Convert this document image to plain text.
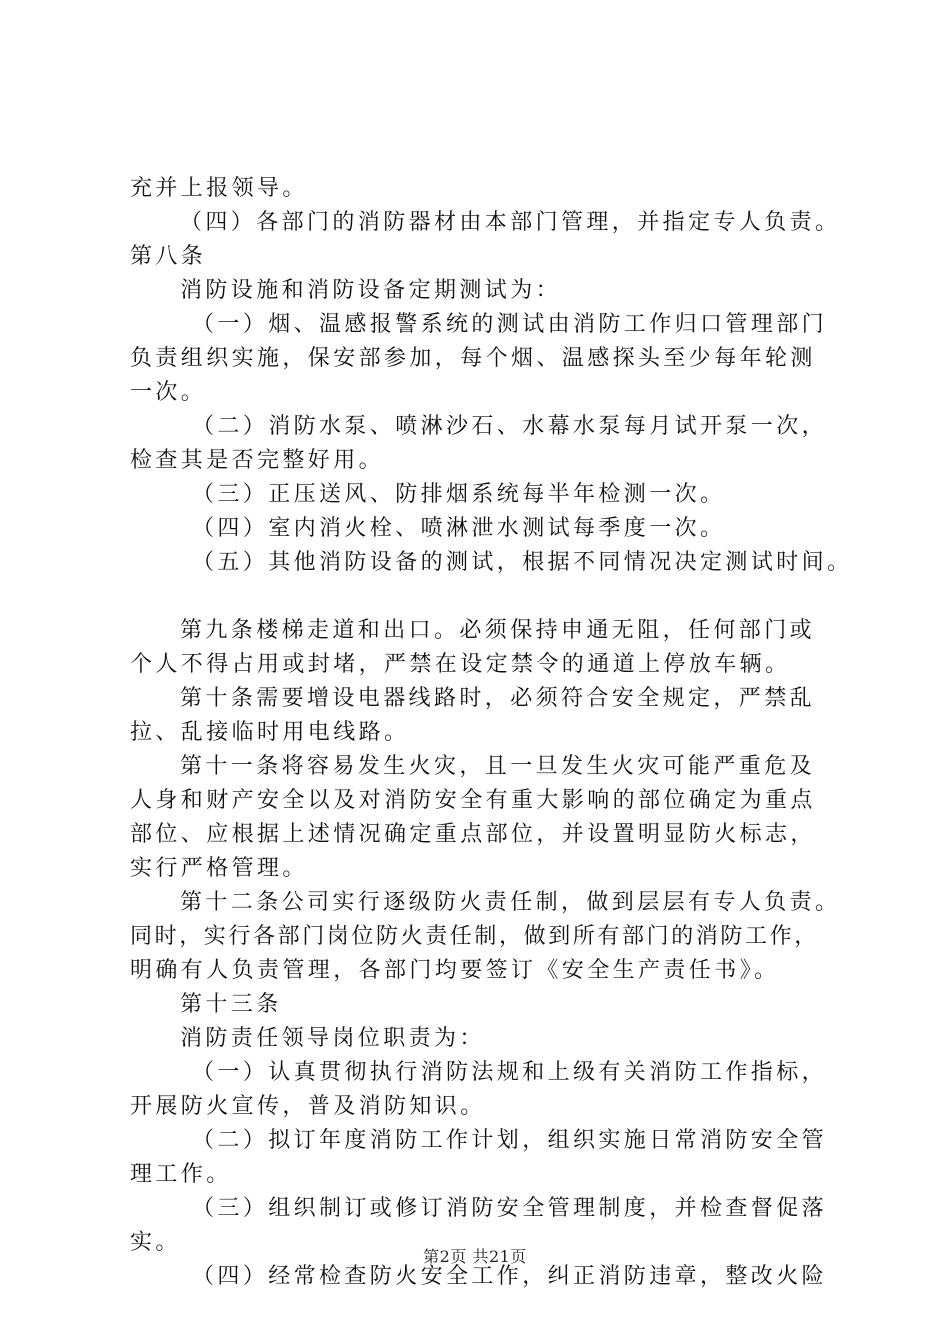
充并上报领导。
（四）各部门的消防器材由本部门管理，并指定专人负责。
第八条
消防设施和消防设备定期测试为：
（一）烟、温感报警系统的测试由消防工作归口管理部门
负责组织实施，保安部参加，每个烟、温感探头至少每年轮测
一次。
（二）消防水泵、喷淋沙石、水幕水泵每月试开泵一次，
检查其是否完整好用。
（三）正压送风、防排烟系统每半年检测一次。
（四）室内消火栓、喷淋泄水测试每季度一次。
（五）其他消防设备的测试，根据不同情况决定测试时间。
第九条楼梯走道和出口。必须保持申通无阻，任何部门或
个人不得占用或封堵，严禁在设定禁令的通道上停放车辆。
第十条需要增设电器线路时，必须符合安全规定，严禁乱
拉、乱接临时用电线路。
第十一条将容易发生火灾，且一旦发生火灾可能严重危及
人身和财产安全以及对消防安全有重大影响的部位确定为重点
部位、应根据上述情况确定重点部位，并设置明显防火标志，
实行严格管理。
第十二条公司实行逐级防火责任制，做到层层有专人负责。
同时，实行各部门岗位防火责任制，做到所有部门的消防工作，
明确有人负责管理，各部门均要签订《安全生产责任书》。
第十三条
消防责任领导岗位职责为：
（一）认真贯彻执行消防法规和上级有关消防工作指标，
开展防火宣传，普及消防知识。
（二）拟订年度消防工作计划，组织实施日常消防安全管
理工作。
（三）组织制订或修订消防安全管理制度，并检查督促落
实。
（四）经常检查防火安全工作，纠正消防违章，整改火险
第2页 共21页
